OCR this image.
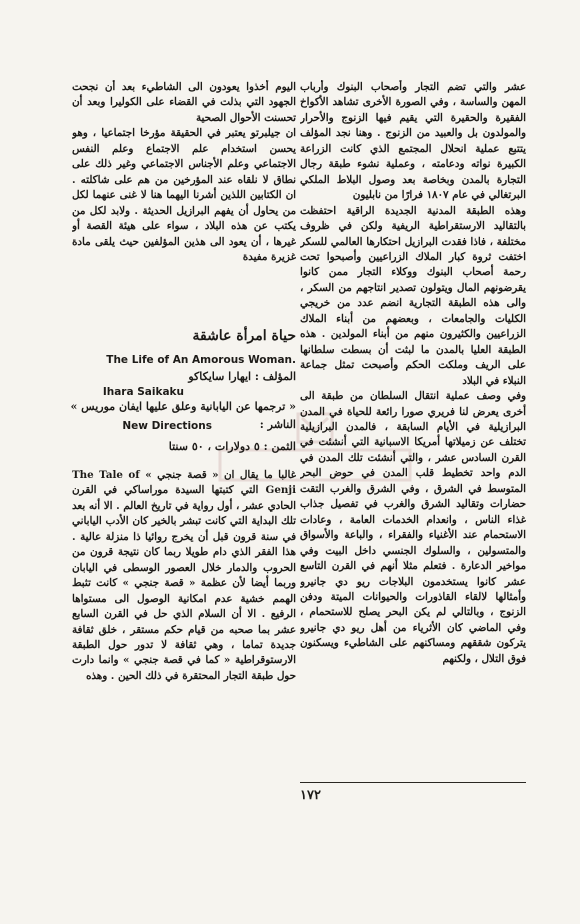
عشر والتي تضم التجار وأصحاب البنوك وأرباب المهن والساسة ، وفي الصورة الأخرى تشاهد الأكواخ الفقيرة والحقيرة التي يقيم فيها الزنوج والأحرار والمولدون بل والعبيد من الزنوج . وهنا نجد المؤلف يتتبع عملية انحلال المجتمع الذي كانت الزراعة الكبيرة نواته ودعامته ، وعملية نشوء طبقة رجال التجارة بالمدن وبخاصة بعد وصول البلاط الملكي البرتغالي في عام ١٨٠٧ فرارًا من نابليون

وهذه الطبقة المدنية الجديدة الراقية احتفظت بالتقاليد الارستقراطية الريفية ولكن في ظروف مختلفة ، فاذا فقدت البرازيل احتكارها العالمي للسكر اختفت ثروة كبار الملاك الزراعيين وأصبحوا تحت رحمة أصحاب البنوك ووكلاء التجار ممن كانوا يقرضونهم المال ويتولون تصدير انتاجهم من السكر ، والى هذه الطبقة التجارية انضم عدد من خريجي الكليات والجامعات ، وبعضهم من أبناء الملاك الزراعيين والكثيرون منهم من أبناء المولدين . هذه الطبقة العليا بالمدن ما لبثت أن بسطت سلطانها على الريف وملكت الحكم وأصبحت تمثل جماعة النبلاء في البلاد

وفي وصف عملية انتقال السلطان من طبقة الى أخرى يعرض لنا فريري صورا رائعة للحياة في المدن البرازيلية في الأيام السابقة ، فالمدن البرازيلية تختلف عن زميلاتها أمريكا الاسبانية التي أنشئت في القرن السادس عشر ، والتي أنشئت تلك المدن في الدم واحد تخطيط قلب المدن في حوض البحر المتوسط في الشرق ، وفي الشرق والغرب التقت حضارات وتقاليد الشرق والغرب في تفصيل جذاب غذاء الناس ، وانعدام الخدمات العامة ، وعادات الاستحمام عند الأغنياء والفقراء ، والباعة والأسواق والمتسولين ، والسلوك الجنسي داخل البيت وفي مواخير الدعارة . فتعلم مثلا أنهم في القرن التاسع عشر كانوا يستخدمون البلاجات ريو دي جانيرو وأمثالها لالقاء القاذورات والحيوانات الميتة ودفن الزنوج ، وبالتالي لم يكن البحر يصلح للاستحمام ، وفي الماضي كان الأثرياء من أهل ريو دي جانيرو يتركون شققهم ومساكنهم على الشاطيء ويسكنون فوق التلال ، ولكنهم

اليوم أخذوا يعودون الى الشاطيء بعد أن نجحت الجهود التي بذلت في القضاء على الكوليرا وبعد أن تحسنت الأحوال الصحية

ان جيلبرتو يعتبر في الحقيقة مؤرخا اجتماعيا ، وهو يحسن استخدام علم الاجتماع وعلم النفس الاجتماعي وعلم الأجناس الاجتماعي وغير ذلك على نطاق لا نلقاه عند المؤرخين من هم على شاكلته . ان الكتابين اللذين أشرنا اليهما هنا لا غنى عنهما لكل من يحاول أن يفهم البرازيل الحديثة . ولابد لكل من يكتب عن هذه البلاد ، سواء على هيئة القصة أو غيرها ، أن يعود الى هذين المؤلفين حيث يلقى مادة غزيرة مفيدة

حياة امرأة عاشقة
The Life of An Amorous Woman.
المؤلف : ايهارا سايكاكو
Ihara Saikaku
« ترجمها عن اليابانية وعلق عليها ايفان موريس »
الناشر :
New Directions
الثمن : ٥ دولارات ، ٥٠ سنتا

غالبا ما يقال ان « قصة جنجي » The Tale of Genji التي كتبتها السيدة موراساكي في القرن الحادي عشر ، أول رواية في تاريخ العالم . الا أنه بعد تلك البداية التي كانت تبشر بالخير كان الأدب الياباني في سنة قرون قبل أن يخرج روائيا ذا منزلة عالية . هذا الفقر الذي دام طويلا ربما كان نتيجة قرون من الحروب والدمار خلال العصور الوسطى في اليابان وربما أيضا لأن عظمة « قصة جنجي » كانت تثبط الهمم خشية عدم امكانية الوصول الى مستواها الرفيع . الا أن السلام الذي حل في القرن السابع عشر بما صحبه من قيام حكم مستقر ، خلق ثقافة جديدة تماما ، وهي ثقافة لا تدور حول الطبقة الارستوقراطية « كما في قصة جنجي » وانما دارت حول طبقة التجار المحتقرة في ذلك الحين . وهذه

١٧٢
